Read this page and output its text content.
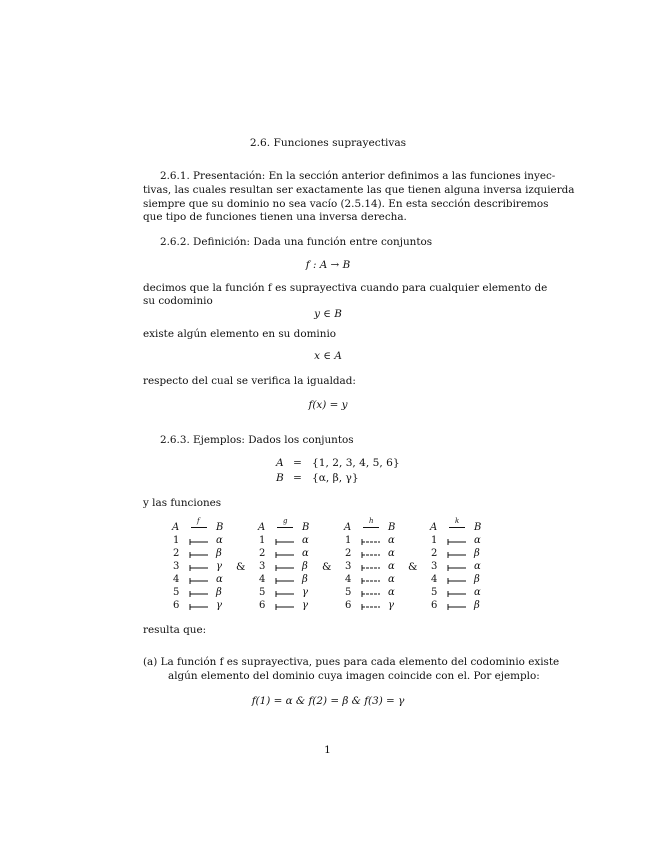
2.6. Funciones suprayectivas
2.6.1. Presentación: En la sección anterior definimos a las funciones inyec-
tivas, las cuales resultan ser exactamente las que tienen alguna inversa izquierda
siempre que su dominio no sea vacío (2.5.14). En esta sección describiremos
que tipo de funciones tienen una inversa derecha.
2.6.2. Definición: Dada una función entre conjuntos
f : A → B
decimos que la función f es suprayectiva cuando para cualquier elemento de
su codominio
y ∈ B
existe algún elemento en su dominio
x ∈ A
respecto del cual se verifica la igualdad:
f(x) = y
2.6.3. Ejemplos: Dados los conjuntos
A = {1, 2, 3, 4, 5, 6}
B = {α, β, γ}
y las funciones
A
f
B
1	α
2	β
3	γ
4	α
5	β
6	γ
A
g
B
1	α
2	α
3	β
4	β
5	γ
6	γ
A
h
B
1	α
2	α
3	α
4	α
5	α
6	γ
A
k
B
1	α
2	β
3	α
4	β
5	α
6	β
&	&	&
resulta que:
(a) La función f es suprayectiva, pues para cada elemento del codominio existe
algún elemento del dominio cuya imagen coincide con el. Por ejemplo:
f(1) = α & f(2) = β & f(3) = γ
1
